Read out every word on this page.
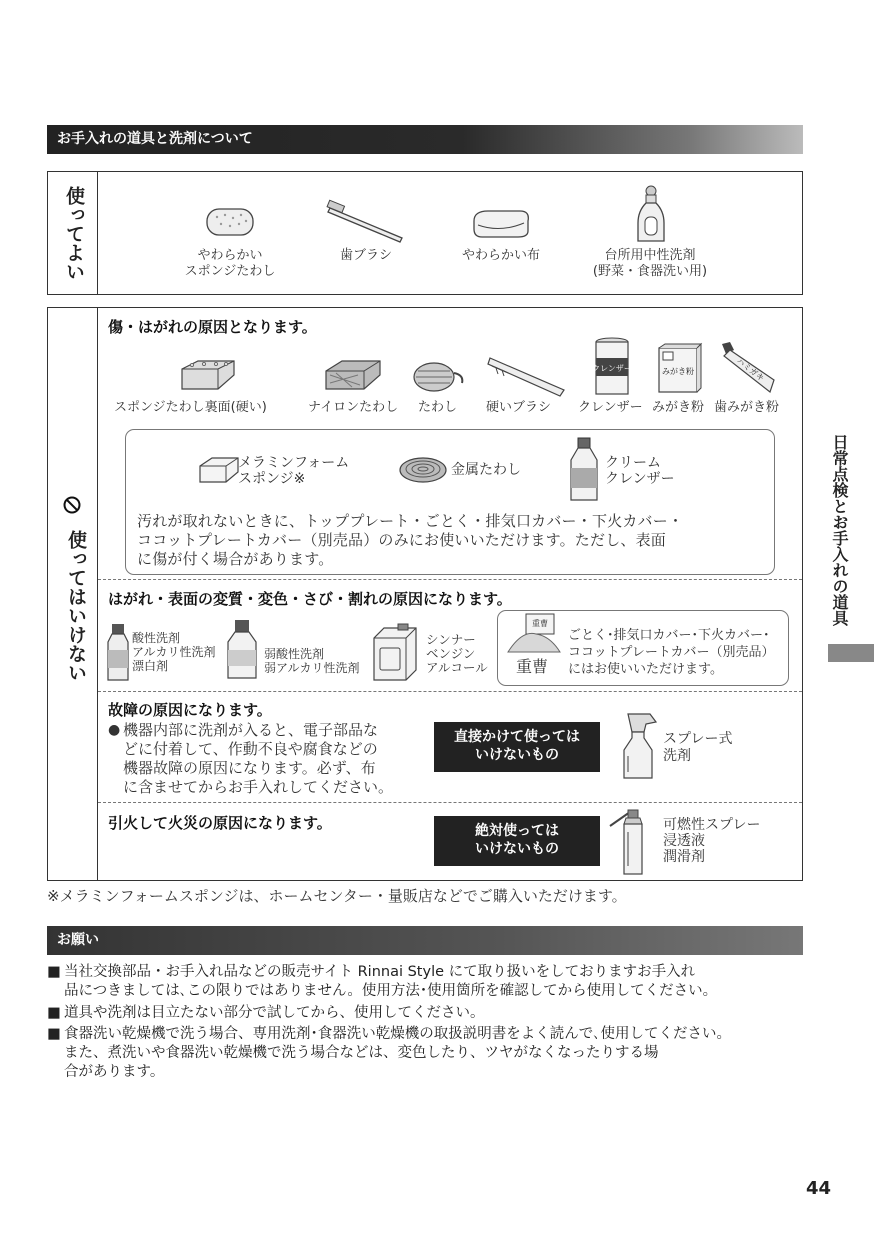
お手入れの道具と洗剤について
使ってよい	やわらかい
スポンジたわし
歯ブラシ	やわらかい布	台所用中性洗剤
(野菜・食器洗い用)
使ってはいけない
傷・はがれの原因となります。
クレンザー	みがき粉	ハミガキ
スポンジたわし裏面(硬い)	ナイロンたわし たわし 硬いブラシ クレンザー みがき粉 歯みがき粉
メラミンフォーム
スポンジ※
金属たわし	クリーム
クレンザー
汚れが取れないときに、トッププレート・ごとく・排気口カバー・下火カバー・
ココットプレートカバー（別売品）のみにお使いいただけます。ただし、表面
に傷が付く場合があります。
はがれ・表面の変質・変色・さび・割れの原因になります。
酸性洗剤
アルカリ性洗剤
漂白剤
弱酸性洗剤
弱アルカリ性洗剤
シンナー
ベンジン
アルコール
重曹
重曹
ごとく･排気口カバー･下火カバー･
ココットプレートカバー（別売品）
にはお使いいただけます。
故障の原因になります。
● 機器内部に洗剤が入ると、電子部品な
どに付着して、作動不良や腐食などの
機器故障の原因になります。必ず、布
に含ませてからお手入れしてください。
直接かけて使っては
いけないもの
スプレー式
洗剤
引火して火災の原因になります。	絶対使っては
いけないもの
可燃性スプレー
浸透液
潤滑剤
※メラミンフォームスポンジは、ホームセンター・量販店などでご購入いただけます。
お願い
■ 当社交換部品・お手入れ品などの販売サイト Rinnai Style にて取り扱いをしておりますお手入れ
品につきましては､この限りではありません。使用方法･使用箇所を確認してから使用してください。
■ 道具や洗剤は目立たない部分で試してから、使用してください。
■ 食器洗い乾燥機で洗う場合、専用洗剤･食器洗い乾燥機の取扱説明書をよく読んで､使用してください。
また、煮洗いや食器洗い乾燥機で洗う場合などは、変色したり、ツヤがなくなったりする場
合があります。
日常点検とお手入れの道具
44
